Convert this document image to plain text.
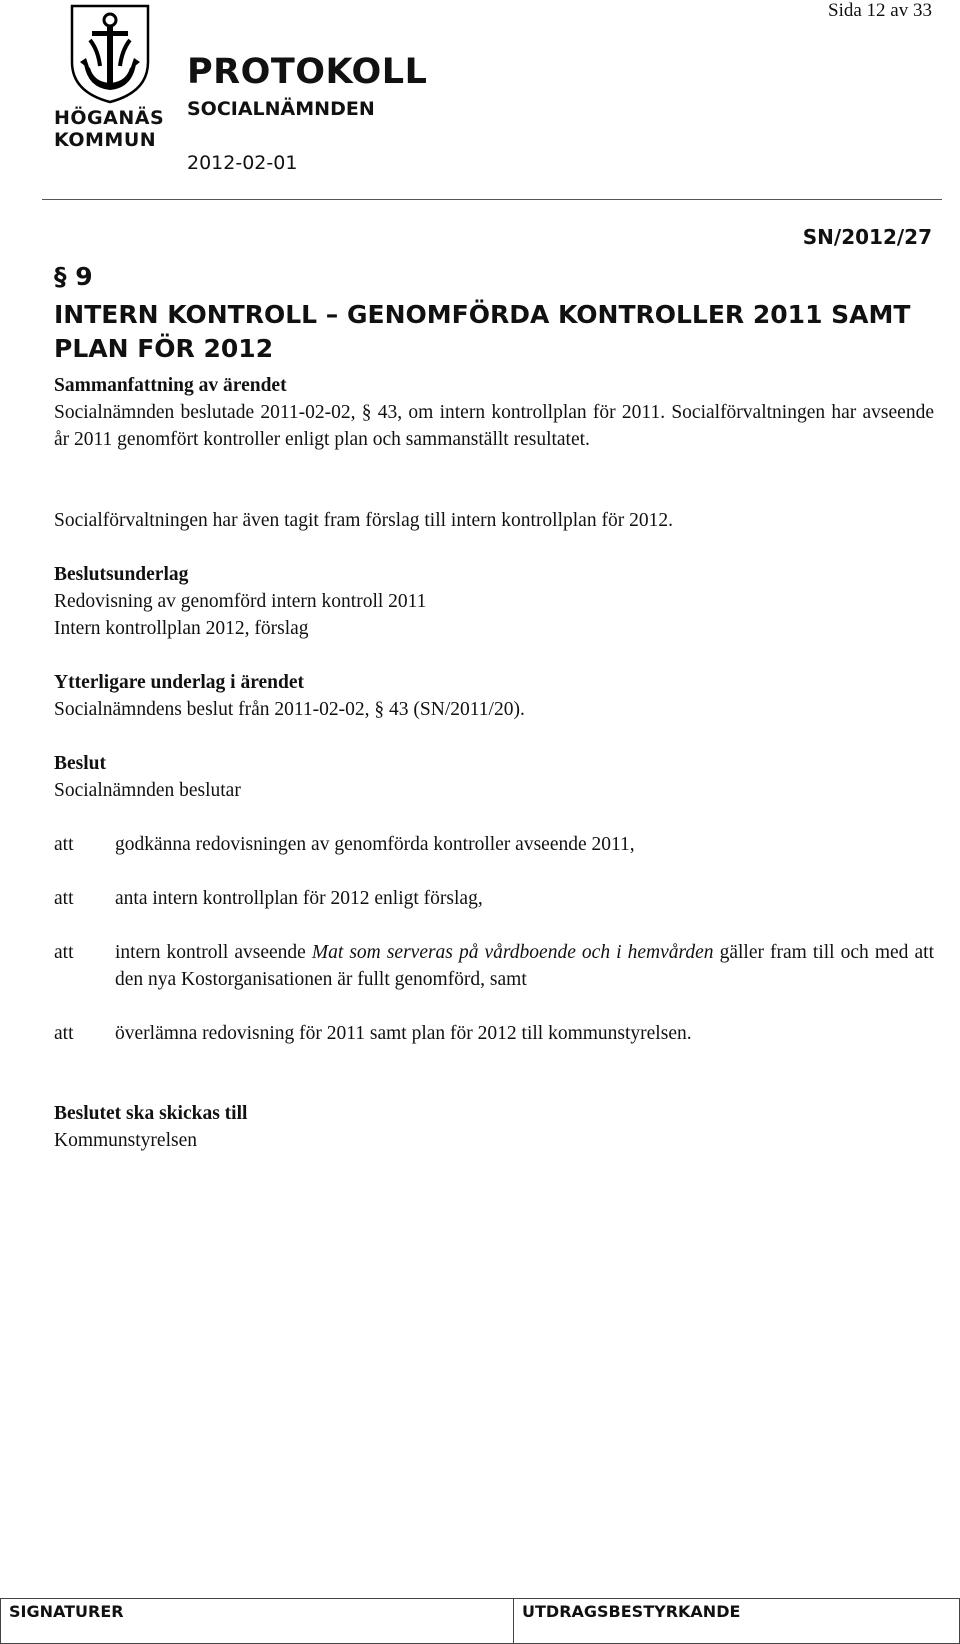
HÖGANÄS
KOMMUN
Sida 12 av 33
PROTOKOLL
SOCIALNÄMNDEN
2012-02-01
SN/2012/27
§ 9
INTERN KONTROLL – GENOMFÖRDA KONTROLLER 2011 SAMT PLAN FÖR 2012
Sammanfattning av ärendet
Socialnämnden beslutade 2011-02-02, § 43, om intern kontrollplan för 2011. Socialförvaltningen har avseende år 2011 genomfört kontroller enligt plan och sammanställt resultatet.
Socialförvaltningen har även tagit fram förslag till intern kontrollplan för 2012.
Beslutsunderlag
Redovisning av genomförd intern kontroll 2011
Intern kontrollplan 2012, förslag
Ytterligare underlag i ärendet
Socialnämndens beslut från 2011-02-02, § 43 (SN/2011/20).
Beslut
Socialnämnden beslutar
att godkänna redovisningen av genomförda kontroller avseende 2011,
att anta intern kontrollplan för 2012 enligt förslag,
att intern kontroll avseende Mat som serveras på vårdboende och i hemvården gäller fram till och med att den nya Kostorganisationen är fullt genomförd, samt
att överlämna redovisning för 2011 samt plan för 2012 till kommunstyrelsen.
Beslutet ska skickas till
Kommunstyrelsen
SIGNATURER	UTDRAGSBESTYRKANDE
